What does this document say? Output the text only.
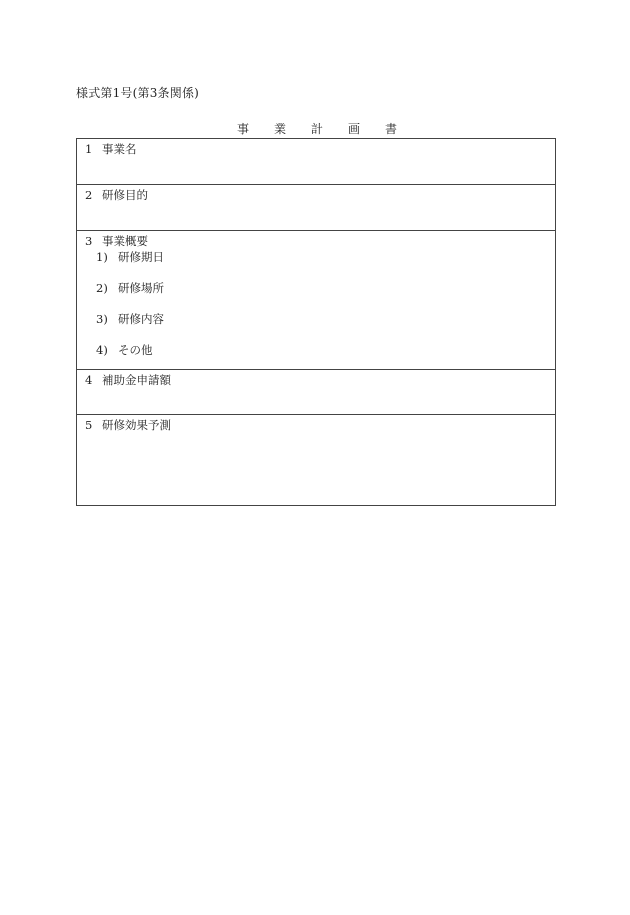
様式第1号(第3条関係)
事 業 計 画 書
1 事業名
2 研修目的
3 事業概要
1) 研修期日
2) 研修場所
3) 研修内容
4) その他
4 補助金申請額
5 研修効果予測
